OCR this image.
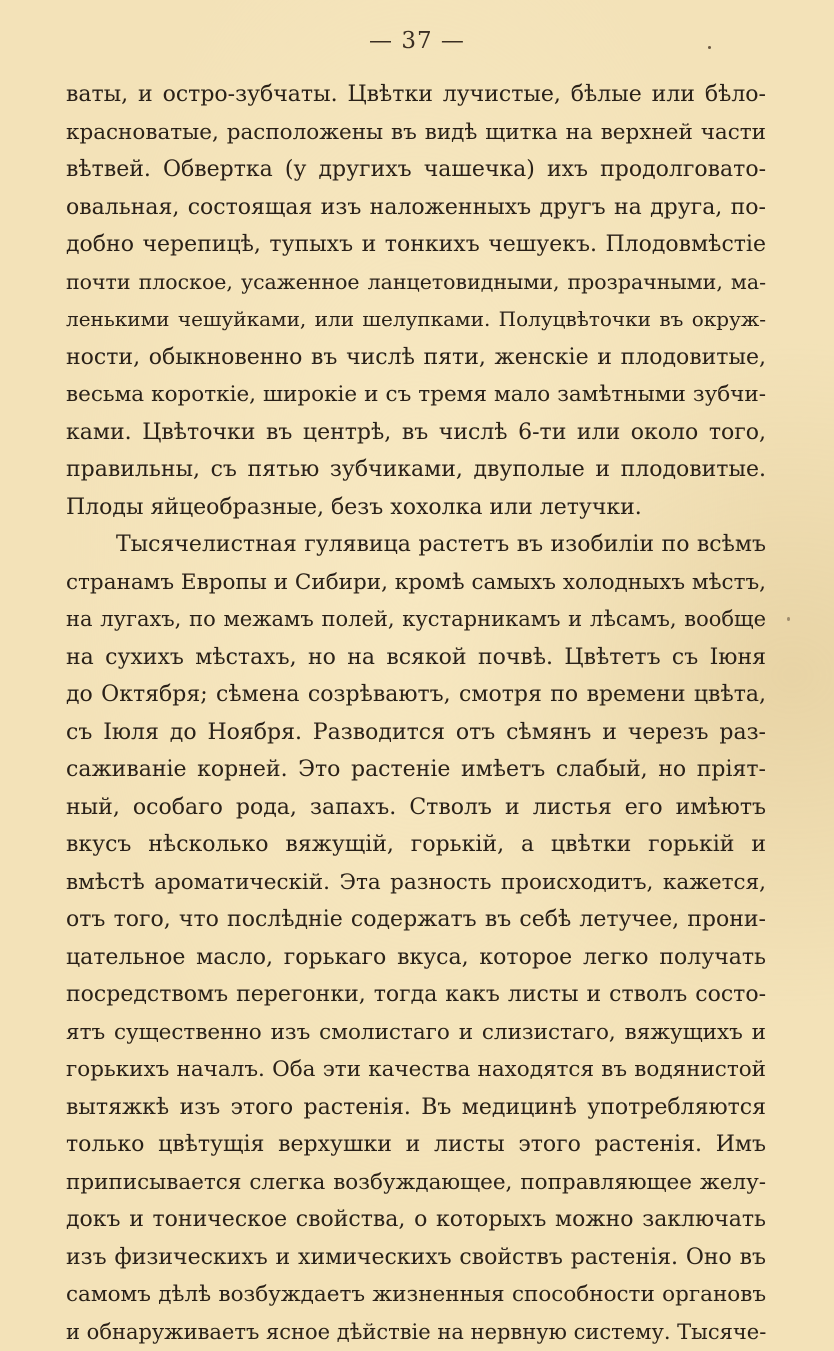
— 37 —
ваты, и остро-зубчаты. Цвѣтки лучистые, бѣлые или бѣло-
красноватые, расположены въ видѣ щитка на верхней части
вѣтвей. Обвертка (у другихъ чашечка) ихъ продолговато-
овальная, состоящая изъ наложенныхъ другъ на друга, по-
добно черепицѣ, тупыхъ и тонкихъ чешуекъ. Плодовмѣстіе
почти плоское, усаженное ланцетовидными, прозрачными, ма-
ленькими чешуйками, или шелупками. Полуцвѣточки въ окруж-
ности, обыкновенно въ числѣ пяти, женскіе и плодовитые,
весьма короткіе, широкіе и съ тремя мало замѣтными зубчи-
ками. Цвѣточки въ центрѣ, въ числѣ 6-ти или около того,
правильны, съ пятью зубчиками, двуполые и плодовитые.
Плоды яйцеобразные, безъ хохолка или летучки.
Тысячелистная гулявица растетъ въ изобиліи по всѣмъ
странамъ Европы и Сибири, кромѣ самыхъ холодныхъ мѣстъ,
на лугахъ, по межамъ полей, кустарникамъ и лѣсамъ, вообще
на сухихъ мѣстахъ, но на всякой почвѣ. Цвѣтетъ съ Іюня
до Октября; сѣмена созрѣваютъ, смотря по времени цвѣта,
съ Іюля до Ноября. Разводится отъ сѣмянъ и черезъ раз-
саживаніе корней. Это растеніе имѣетъ слабый, но пріят-
ный, особаго рода, запахъ. Стволъ и листья его имѣютъ
вкусъ нѣсколько вяжущій, горькій, а цвѣтки горькій и
вмѣстѣ ароматическій. Эта разность происходитъ, кажется,
отъ того, что послѣдніе содержатъ въ себѣ летучее, прони-
цательное масло, горькаго вкуса, которое легко получать
посредствомъ перегонки, тогда какъ листы и стволъ состо-
ятъ существенно изъ смолистаго и слизистаго, вяжущихъ и
горькихъ началъ. Оба эти качества находятся въ водянистой
вытяжкѣ изъ этого растенія. Въ медицинѣ употребляются
только цвѣтущія верхушки и листы этого растенія. Имъ
приписывается слегка возбуждающее, поправляющее желу-
докъ и тоническое свойства, о которыхъ можно заключать
изъ физическихъ и химическихъ свойствъ растенія. Оно въ
самомъ дѣлѣ возбуждаетъ жизненныя способности органовъ
и обнаруживаетъ ясное дѣйствіе на нервную систему. Тысяче-
